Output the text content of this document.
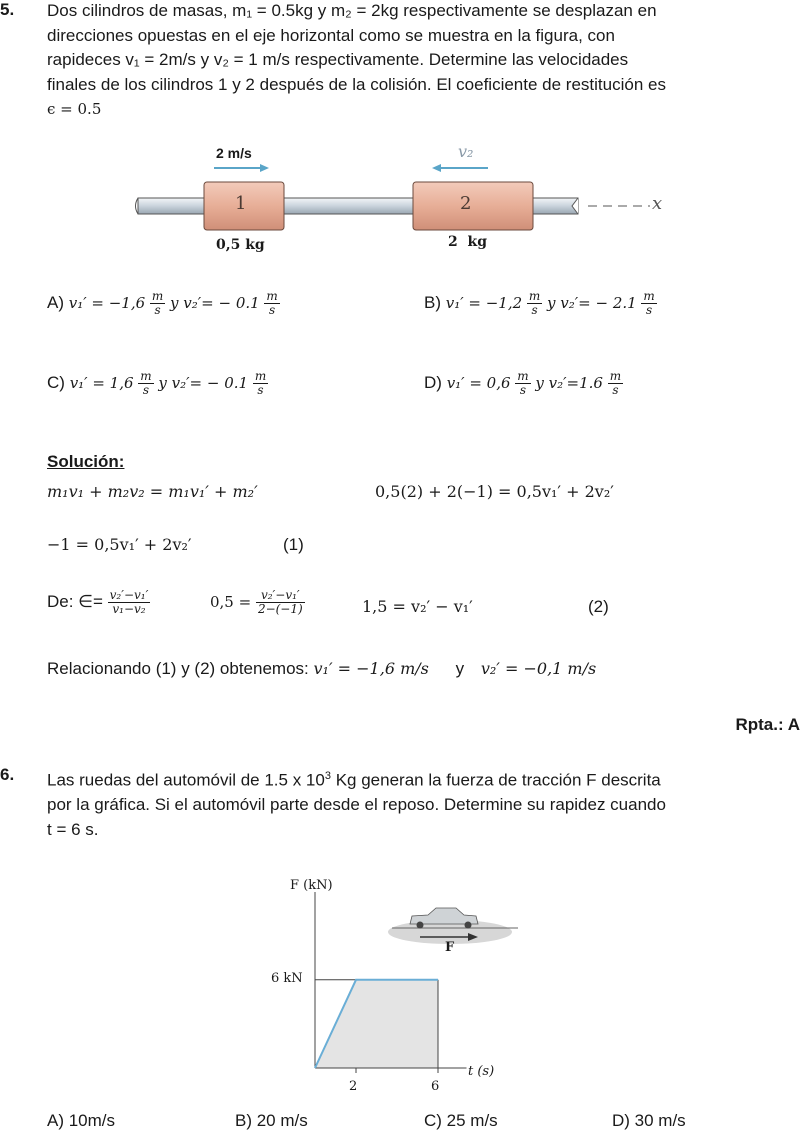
5. Dos cilindros de masas, m₁ = 0.5kg y m₂ = 2kg respectivamente se desplazan en
direcciones opuestas en el eje horizontal como se muestra en la figura, con
rapideces v₁ = 2m/s y v₂ = 1 m/s respectivamente. Determine las velocidades
finales de los cilindros 1 y 2 después de la colisión. El coeficiente de restitución es
ϵ = 0.5
2 m/s	v₂
1	2
0,5 kg	2  kg
x
A) $v_1' = -1,6 \frac{m}{s}$ y $v_2'= - 0.1 \frac{m}{s}$	B) $v_1' = -1,2 \frac{m}{s}$ y $v_2'= - 2.1 \frac{m}{s}$
C) $v_1' = 1,6 \frac{m}{s}$ y $v_2'= - 0.1 \frac{m}{s}$	D) $v_1' = 0,6 \frac{m}{s}$ y $v_2'=1.6 \frac{m}{s}$
Solución:
m₁v₁ + m₂v₂ = m₁v₁′ + m₂′	0,5(2) + 2(−1) = 0,5v₁′ + 2v₂′
−1 = 0,5v₁′ + 2v₂′	(1)
De: ∈= $\frac{\text{v₂′−v₁′}}{\text{v₁−v₂}}$	$0,5 = \frac{\text{v₂′−v₁′}}{2-(-1)}$	1,5 = v₂′ − v₁′	(2)
Relacionando (1) y (2) obtenemos: v₁′ = −1,6 m/s y v₂′ = −0,1 m/s
Rpta.: A
6. Las ruedas del automóvil de 1.5 x $10^3$ Kg generan la fuerza de tracción F descrita
por la gráfica. Si el automóvil parte desde el reposo. Determine su rapidez cuando
t = 6 s.
F (kN)
6 kN
t (s)
2	6
F
A) 10m/s	B) 20 m/s	C) 25 m/s	D) 30 m/s
